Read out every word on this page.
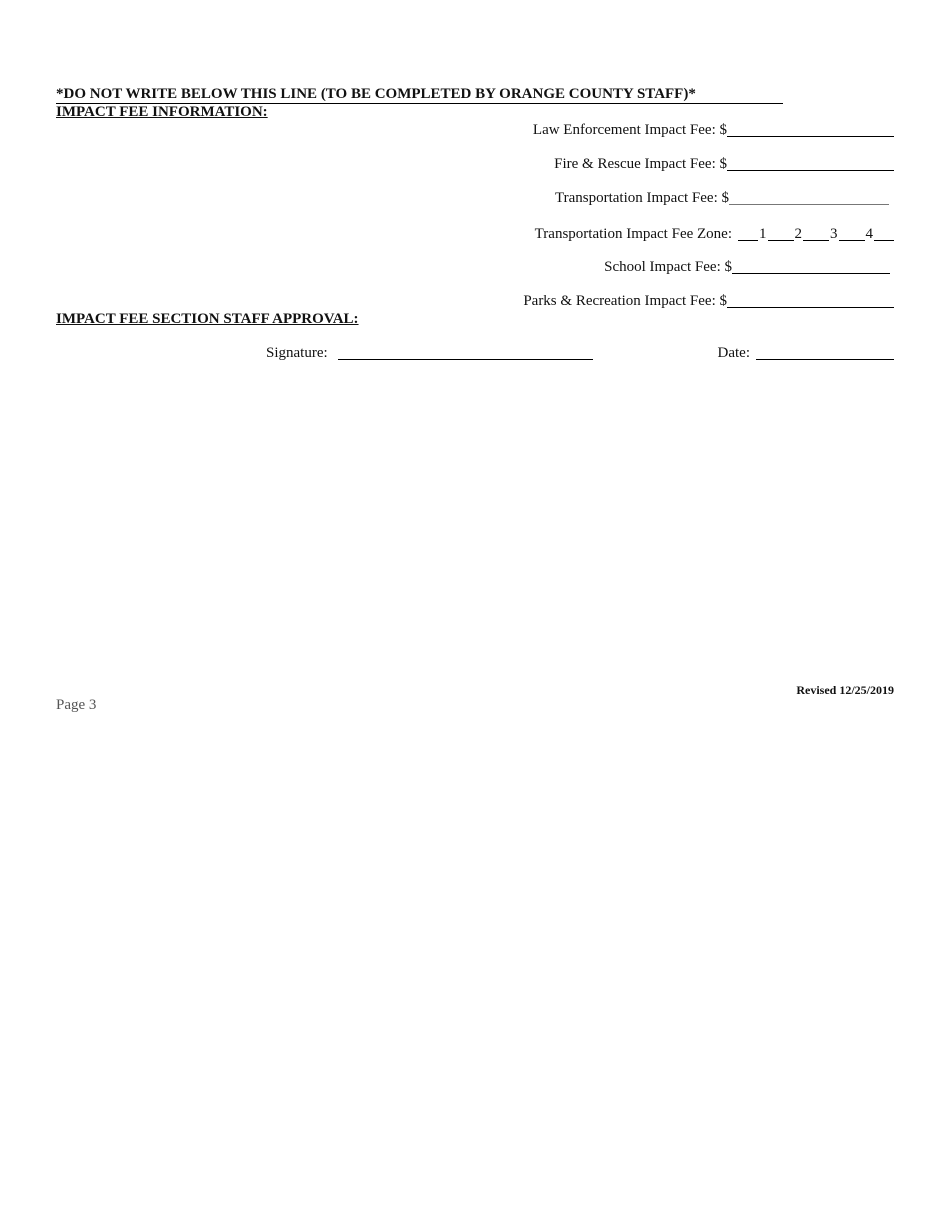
*DO NOT WRITE BELOW THIS LINE (TO BE COMPLETED BY ORANGE COUNTY STAFF)*
IMPACT FEE INFORMATION:
Law Enforcement Impact Fee: $
Fire & Rescue Impact Fee: $
Transportation Impact Fee: $
Transportation Impact Fee Zone: 1 2 3 4
School Impact Fee: $
Parks & Recreation Impact Fee: $
IMPACT FEE SECTION STAFF APPROVAL:
Signature:	Date:
Revised 12/25/2019
Page 3
